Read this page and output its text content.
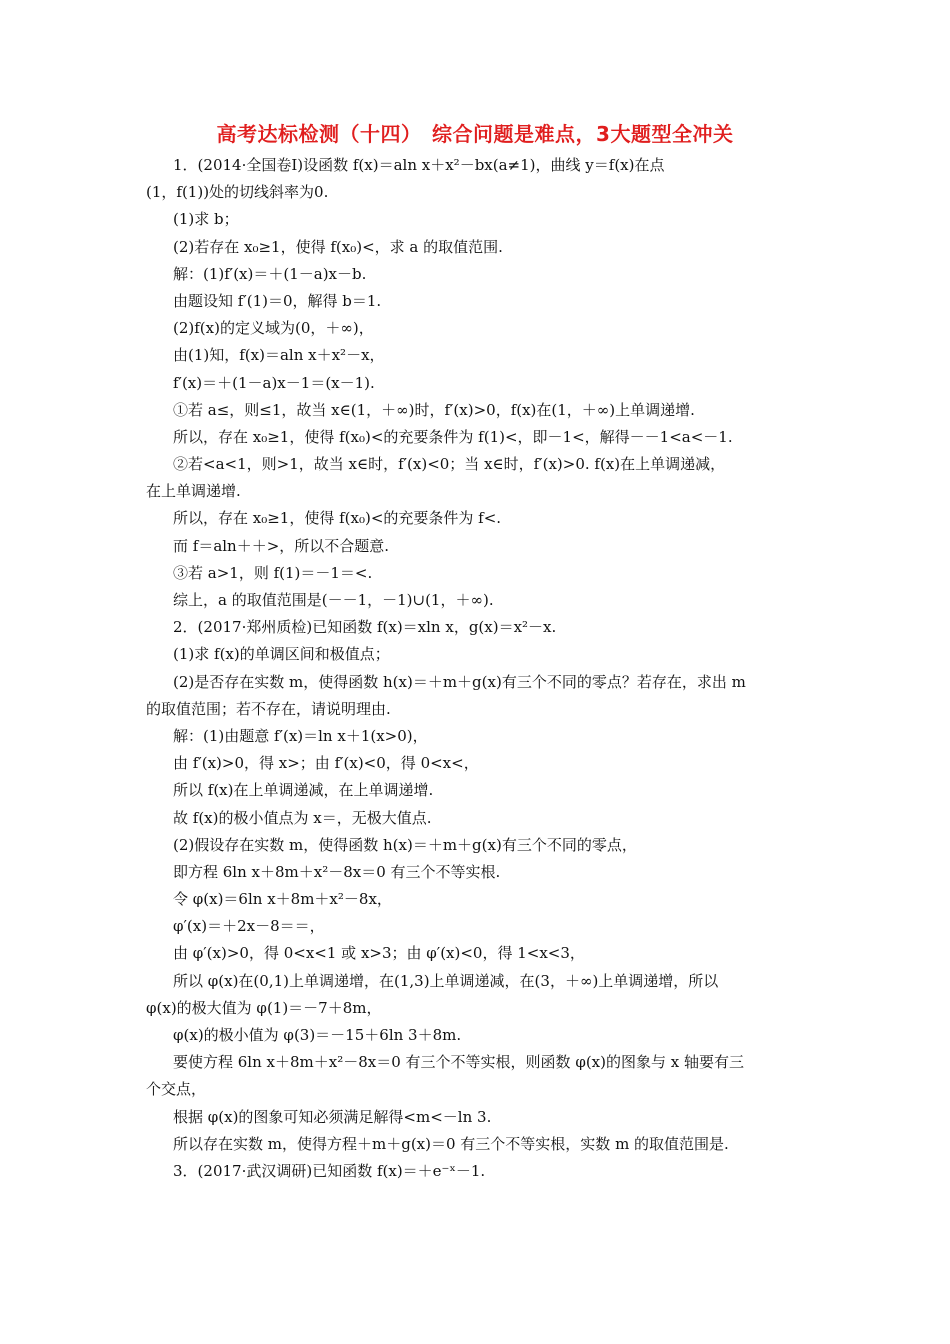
高考达标检测（十四）　综合问题是难点，3大题型全冲关
1．(2014·全国卷Ⅰ)设函数 f(x)＝aln x＋x²－bx(a≠1)，曲线 y＝f(x)在点
(1，f(1))处的切线斜率为0.
(1)求 b；
(2)若存在 x₀≥1，使得 f(x₀)<，求 a 的取值范围.
解：(1)f′(x)＝＋(1－a)x－b.
由题设知 f′(1)＝0，解得 b＝1.
(2)f(x)的定义域为(0，＋∞)，
由(1)知，f(x)＝aln x＋x²－x，
f′(x)＝＋(1－a)x－1＝(x－1).
①若 a≤，则≤1，故当 x∈(1，＋∞)时，f′(x)>0，f(x)在(1，＋∞)上单调递增.
所以，存在 x₀≥1，使得 f(x₀)<的充要条件为 f(1)<，即－1<，解得－－1<a<－1.
②若<a<1，则>1，故当 x∈时，f′(x)<0；当 x∈时，f′(x)>0. f(x)在上单调递减，
在上单调递增.
所以，存在 x₀≥1，使得 f(x₀)<的充要条件为 f<.
而 f＝aln＋＋>，所以不合题意.
③若 a>1，则 f(1)＝－1＝<.
综上，a 的取值范围是(－－1，－1)∪(1，＋∞).
2．(2017·郑州质检)已知函数 f(x)＝xln x，g(x)＝x²－x.
(1)求 f(x)的单调区间和极值点；
(2)是否存在实数 m，使得函数 h(x)＝＋m＋g(x)有三个不同的零点？若存在，求出 m
的取值范围；若不存在，请说明理由.
解：(1)由题意 f′(x)＝ln x＋1(x>0)，
由 f′(x)>0，得 x>；由 f′(x)<0，得 0<x<，
所以 f(x)在上单调递减，在上单调递增.
故 f(x)的极小值点为 x＝，无极大值点.
(2)假设存在实数 m，使得函数 h(x)＝＋m＋g(x)有三个不同的零点，
即方程 6ln x＋8m＋x²－8x＝0 有三个不等实根.
令 φ(x)＝6ln x＋8m＋x²－8x，
φ′(x)＝＋2x－8＝＝，
由 φ′(x)>0，得 0<x<1 或 x>3；由 φ′(x)<0，得 1<x<3，
所以 φ(x)在(0,1)上单调递增，在(1,3)上单调递减，在(3，＋∞)上单调递增，所以
φ(x)的极大值为 φ(1)＝－7＋8m，
φ(x)的极小值为 φ(3)＝－15＋6ln 3＋8m.
要使方程 6ln x＋8m＋x²－8x＝0 有三个不等实根，则函数 φ(x)的图象与 x 轴要有三
个交点，
根据 φ(x)的图象可知必须满足解得<m<－ln 3.
所以存在实数 m，使得方程＋m＋g(x)＝0 有三个不等实根，实数 m 的取值范围是.
3．(2017·武汉调研)已知函数 f(x)＝＋e⁻ˣ－1.
